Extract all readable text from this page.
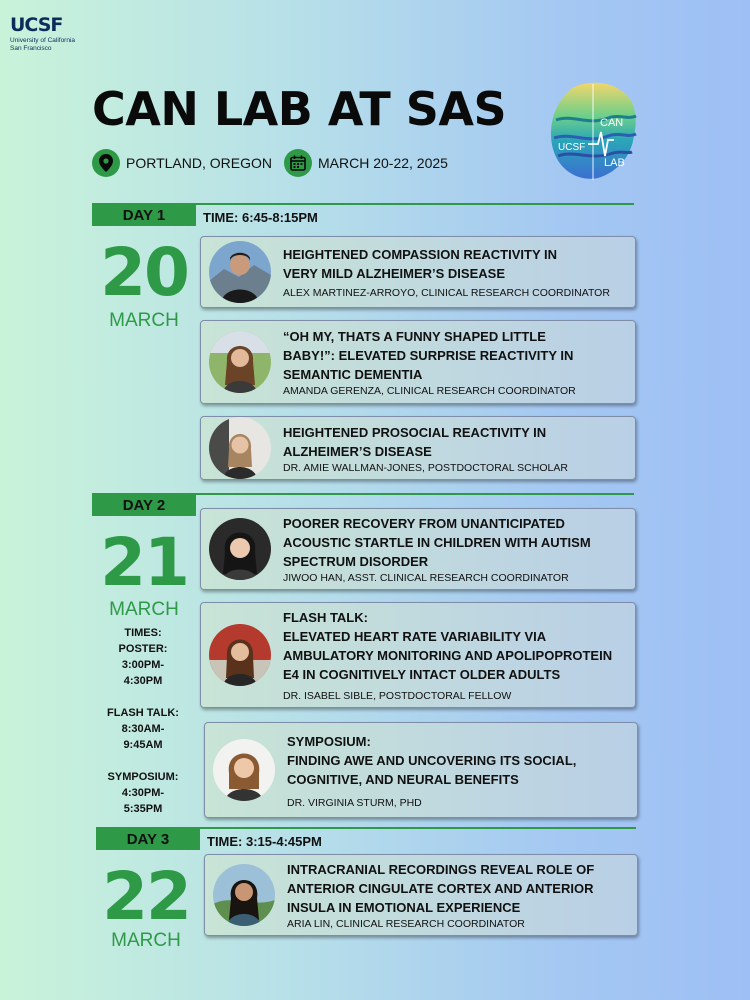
UCSF
University of California
San Francisco
CAN LAB AT SAS
PORTLAND, OREGON	MARCH 20-22, 2025
UCSF
CAN
LAB
DAY 1	TIME: 6:45-8:15PM
20
MARCH
HEIGHTENED COMPASSION REACTIVITY IN
VERY MILD ALZHEIMER’S DISEASE
ALEX MARTINEZ-ARROYO, CLINICAL RESEARCH COORDINATOR
“OH MY, THATS A FUNNY SHAPED LITTLE
BABY!”: ELEVATED SURPRISE REACTIVITY IN
SEMANTIC DEMENTIA
AMANDA GERENZA, CLINICAL RESEARCH COORDINATOR
HEIGHTENED PROSOCIAL REACTIVITY IN
ALZHEIMER’S DISEASE
DR. AMIE WALLMAN-JONES, POSTDOCTORAL SCHOLAR
DAY 2
21
MARCH
TIMES:
POSTER:
3:00PM-
4:30PM
FLASH TALK:
8:30AM-
9:45AM
SYMPOSIUM:
4:30PM-
5:35PM
POORER RECOVERY FROM UNANTICIPATED
ACOUSTIC STARTLE IN CHILDREN WITH AUTISM
SPECTRUM DISORDER
JIWOO HAN, ASST. CLINICAL RESEARCH COORDINATOR
FLASH TALK:
ELEVATED HEART RATE VARIABILITY VIA
AMBULATORY MONITORING AND APOLIPOPROTEIN
E4 IN COGNITIVELY INTACT OLDER ADULTS
DR. ISABEL SIBLE, POSTDOCTORAL FELLOW
SYMPOSIUM:
FINDING AWE AND UNCOVERING ITS SOCIAL,
COGNITIVE, AND NEURAL BENEFITS
DR. VIRGINIA STURM, PHD
DAY 3	TIME: 3:15-4:45PM
22
MARCH
INTRACRANIAL RECORDINGS REVEAL ROLE OF
ANTERIOR CINGULATE CORTEX AND ANTERIOR
INSULA IN EMOTIONAL EXPERIENCE
ARIA LIN, CLINICAL RESEARCH COORDINATOR
